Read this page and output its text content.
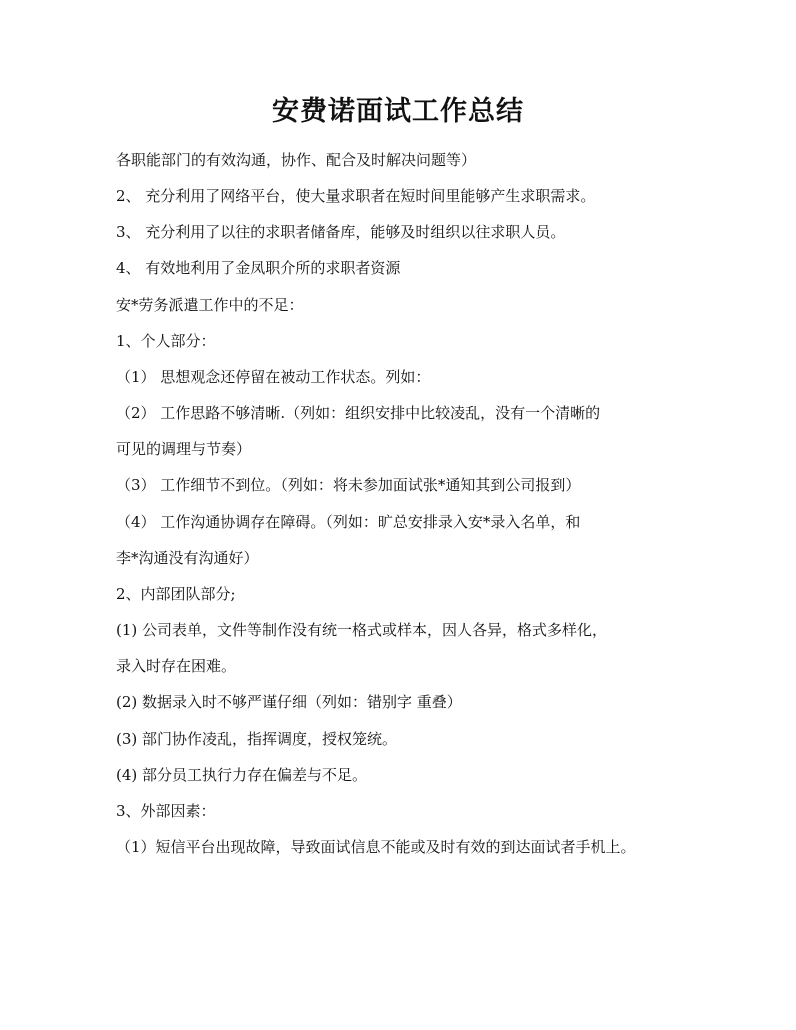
安费诺面试工作总结

各职能部门的有效沟通，协作、配合及时解决问题等）

2、 充分利用了网络平台，使大量求职者在短时间里能够产生求职需求。

3、 充分利用了以往的求职者储备库，能够及时组织以往求职人员。

4、 有效地利用了金凤职介所的求职者资源

安*劳务派遣工作中的不足：

1、个人部分：

（1） 思想观念还停留在被动工作状态。列如：

（2） 工作思路不够清晰.（列如：组织安排中比较凌乱，没有一个清晰的

可见的调理与节奏）

（3） 工作细节不到位。（列如：将未参加面试张*通知其到公司报到）

（4） 工作沟通协调存在障碍。（列如：旷总安排录入安*录入名单，和

李*沟通没有沟通好）

2、内部团队部分;

(1) 公司表单，文件等制作没有统一格式或样本，因人各异，格式多样化，

录入时存在困难。

(2) 数据录入时不够严谨仔细（列如：错别字 重叠）

(3) 部门协作凌乱，指挥调度，授权笼统。

(4) 部分员工执行力存在偏差与不足。

3、外部因素：

（1）短信平台出现故障，导致面试信息不能或及时有效的到达面试者手机上。
